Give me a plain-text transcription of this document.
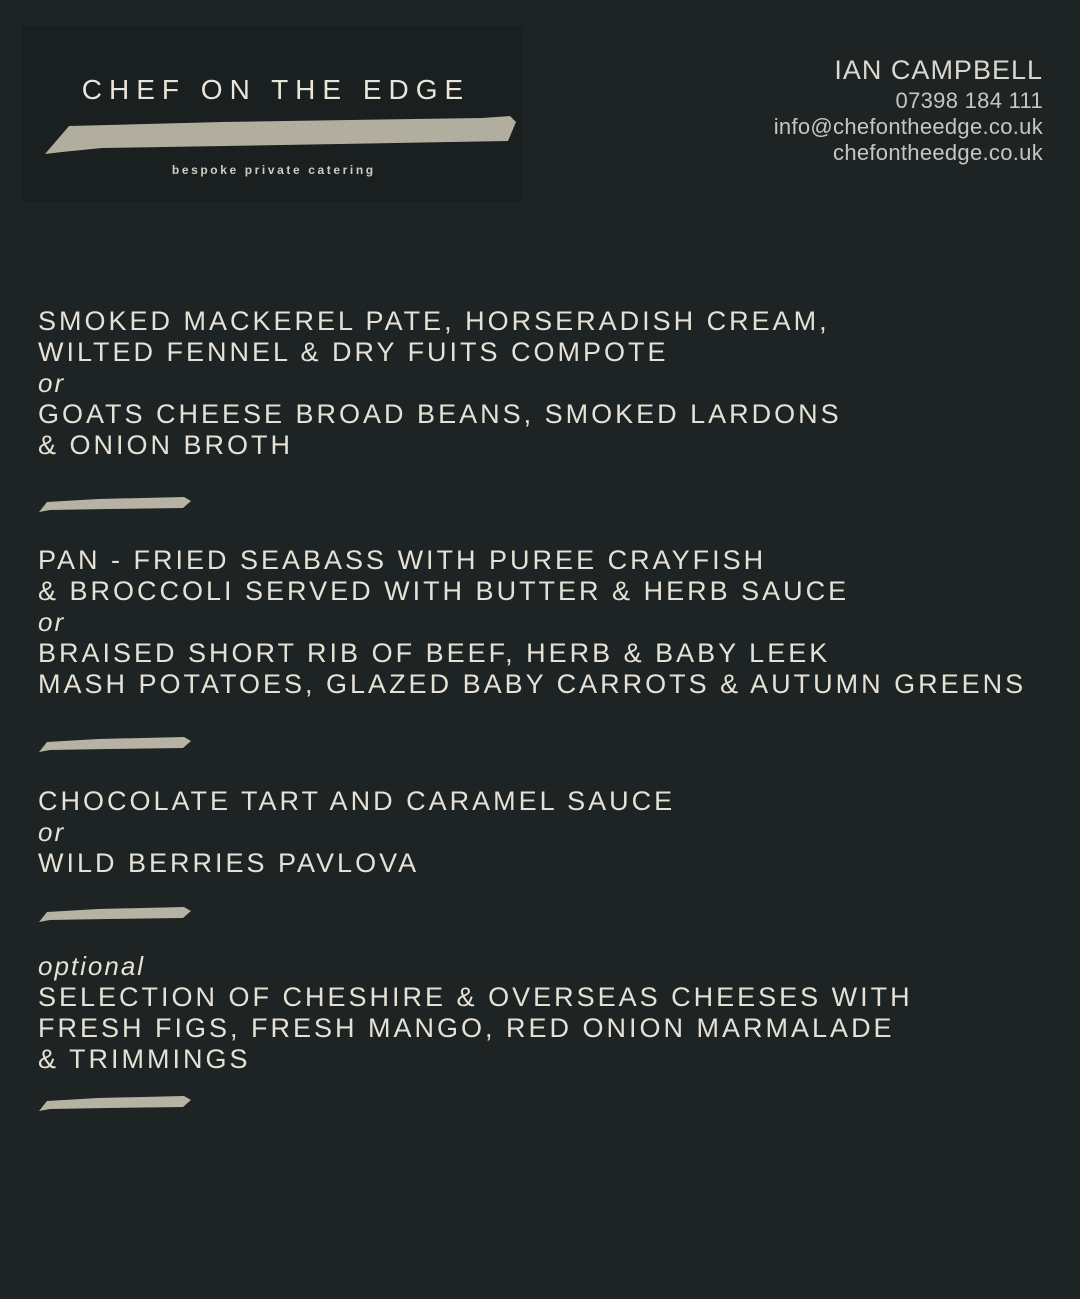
CHEF ON THE EDGE
bespoke private catering
IAN CAMPBELL
07398 184 111
info@chefontheedge.co.uk
chefontheedge.co.uk

SMOKED MACKEREL PATE, HORSERADISH CREAM,

WILTED FENNEL & DRY FUITS COMPOTE

or

GOATS CHEESE BROAD BEANS, SMOKED LARDONS

& ONION BROTH

PAN - FRIED SEABASS WITH PUREE CRAYFISH

& BROCCOLI SERVED WITH BUTTER & HERB SAUCE

or

BRAISED SHORT RIB OF BEEF, HERB & BABY LEEK

MASH POTATOES, GLAZED BABY CARROTS & AUTUMN GREENS

CHOCOLATE TART AND CARAMEL SAUCE

or

WILD BERRIES PAVLOVA

optional

SELECTION OF CHESHIRE & OVERSEAS CHEESES WITH

FRESH FIGS, FRESH MANGO, RED ONION MARMALADE

& TRIMMINGS
